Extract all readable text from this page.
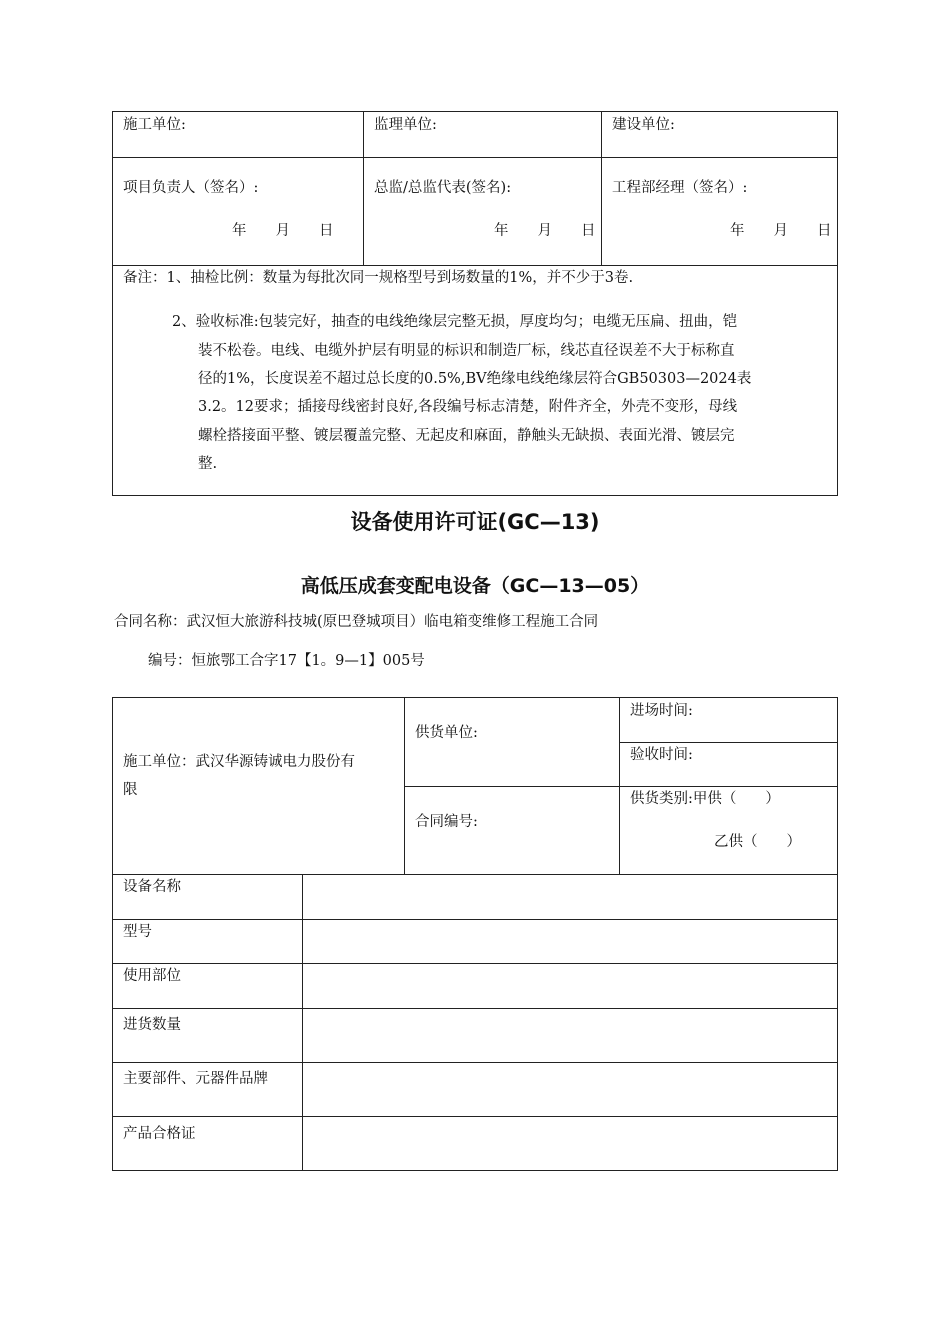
施工单位:	监理单位:	建设单位:
项目负责人（签名）:	总监/总监代表(签名):	工程部经理（签名）:
年　　月　　日	年　　月　　日	年　　月　　日
备注：1、抽检比例：数量为每批次同一规格型号到场数量的1%，并不少于3卷.
2、验收标准:包装完好，抽查的电线绝缘层完整无损，厚度均匀；电缆无压扁、扭曲，铠
装不松卷。电线、电缆外护层有明显的标识和制造厂标，线芯直径误差不大于标称直
径的1%，长度误差不超过总长度的0.5%,BV绝缘电线绝缘层符合GB50303—2024表
3.2。12要求；插接母线密封良好,各段编号标志清楚，附件齐全，外壳不变形，母线
螺栓搭接面平整、镀层覆盖完整、无起皮和麻面，静触头无缺损、表面光滑、镀层完
整.
设备使用许可证(GC—13)
高低压成套变配电设备（GC—13—05）
合同名称：武汉恒大旅游科技城(原巴登城项目）临电箱变维修工程施工合同
编号：恒旅鄂工合字17【1。9—1】005号
施工单位：武汉华源铸诚电力股份有
限
供货单位:
合同编号:
进场时间:
验收时间:
供货类别:甲供（　　）
乙供（　　）
设备名称
型号
使用部位
进货数量
主要部件、元器件品牌
产品合格证
